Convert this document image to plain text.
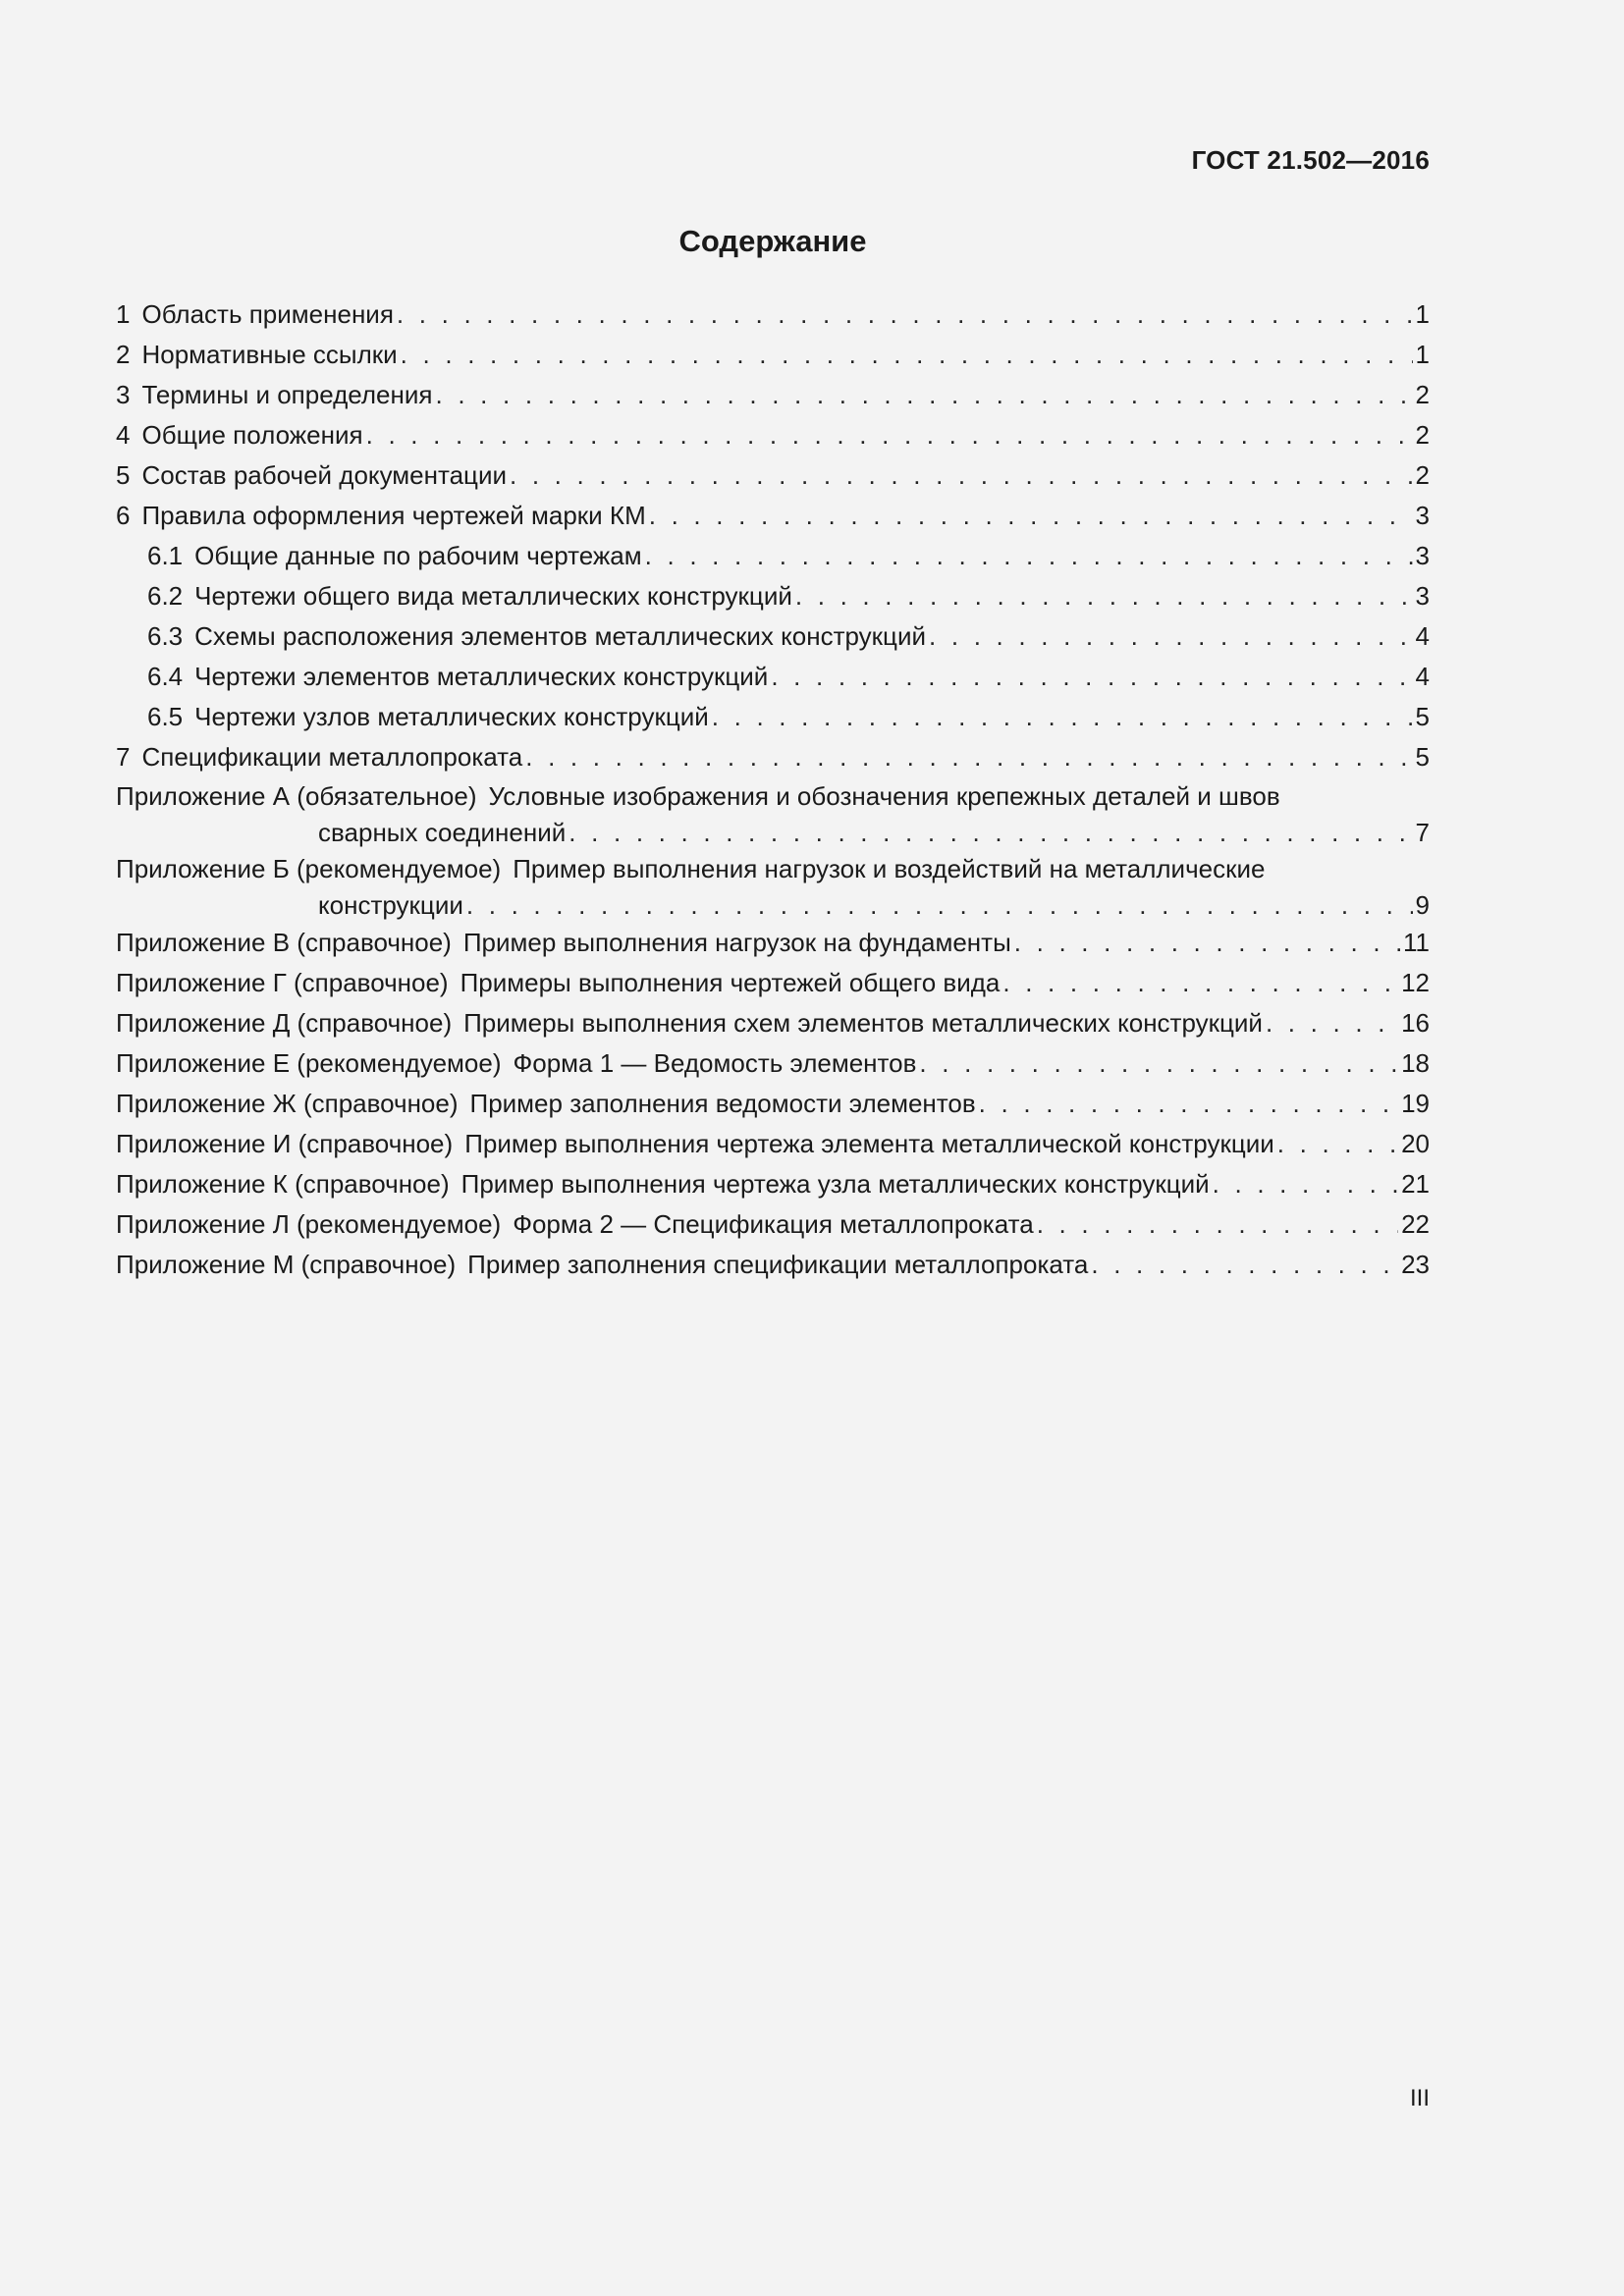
ГОСТ 21.502—2016
Содержание
1 Область применения . . .	1
2 Нормативные ссылки . . .	1
3 Термины и определения . . .	2
4 Общие положения . . .	2
5 Состав рабочей документации . . .	2
6 Правила оформления чертежей марки КМ . . .	3
6.1 Общие данные по рабочим чертежам . . .	3
6.2 Чертежи общего вида металлических конструкций . . .	3
6.3 Схемы расположения элементов металлических конструкций . . .	4
6.4 Чертежи элементов металлических конструкций . . .	4
6.5 Чертежи узлов металлических конструкций . . .	5
7 Спецификации металлопроката . . .	5
Приложение А (обязательное) Условные изображения и обозначения крепежных деталей и швов
сварных соединений . . .	7
Приложение Б (рекомендуемое) Пример выполнения нагрузок и воздействий на металлические
конструкции . . .	9
Приложение В (справочное) Пример выполнения нагрузок на фундаменты . . .	11
Приложение Г (справочное) Примеры выполнения чертежей общего вида . . .	12
Приложение Д (справочное) Примеры выполнения схем элементов металлических конструкций . . .	16
Приложение Е (рекомендуемое) Форма 1 — Ведомость элементов . . .	18
Приложение Ж (справочное) Пример заполнения ведомости элементов . . .	19
Приложение И (справочное) Пример выполнения чертежа элемента металлической конструкции . . .	20
Приложение К (справочное) Пример выполнения чертежа узла металлических конструкций . . .	21
Приложение Л (рекомендуемое) Форма 2 — Спецификация металлопроката . . .	22
Приложение М (справочное) Пример заполнения спецификации металлопроката . . .	23
III
